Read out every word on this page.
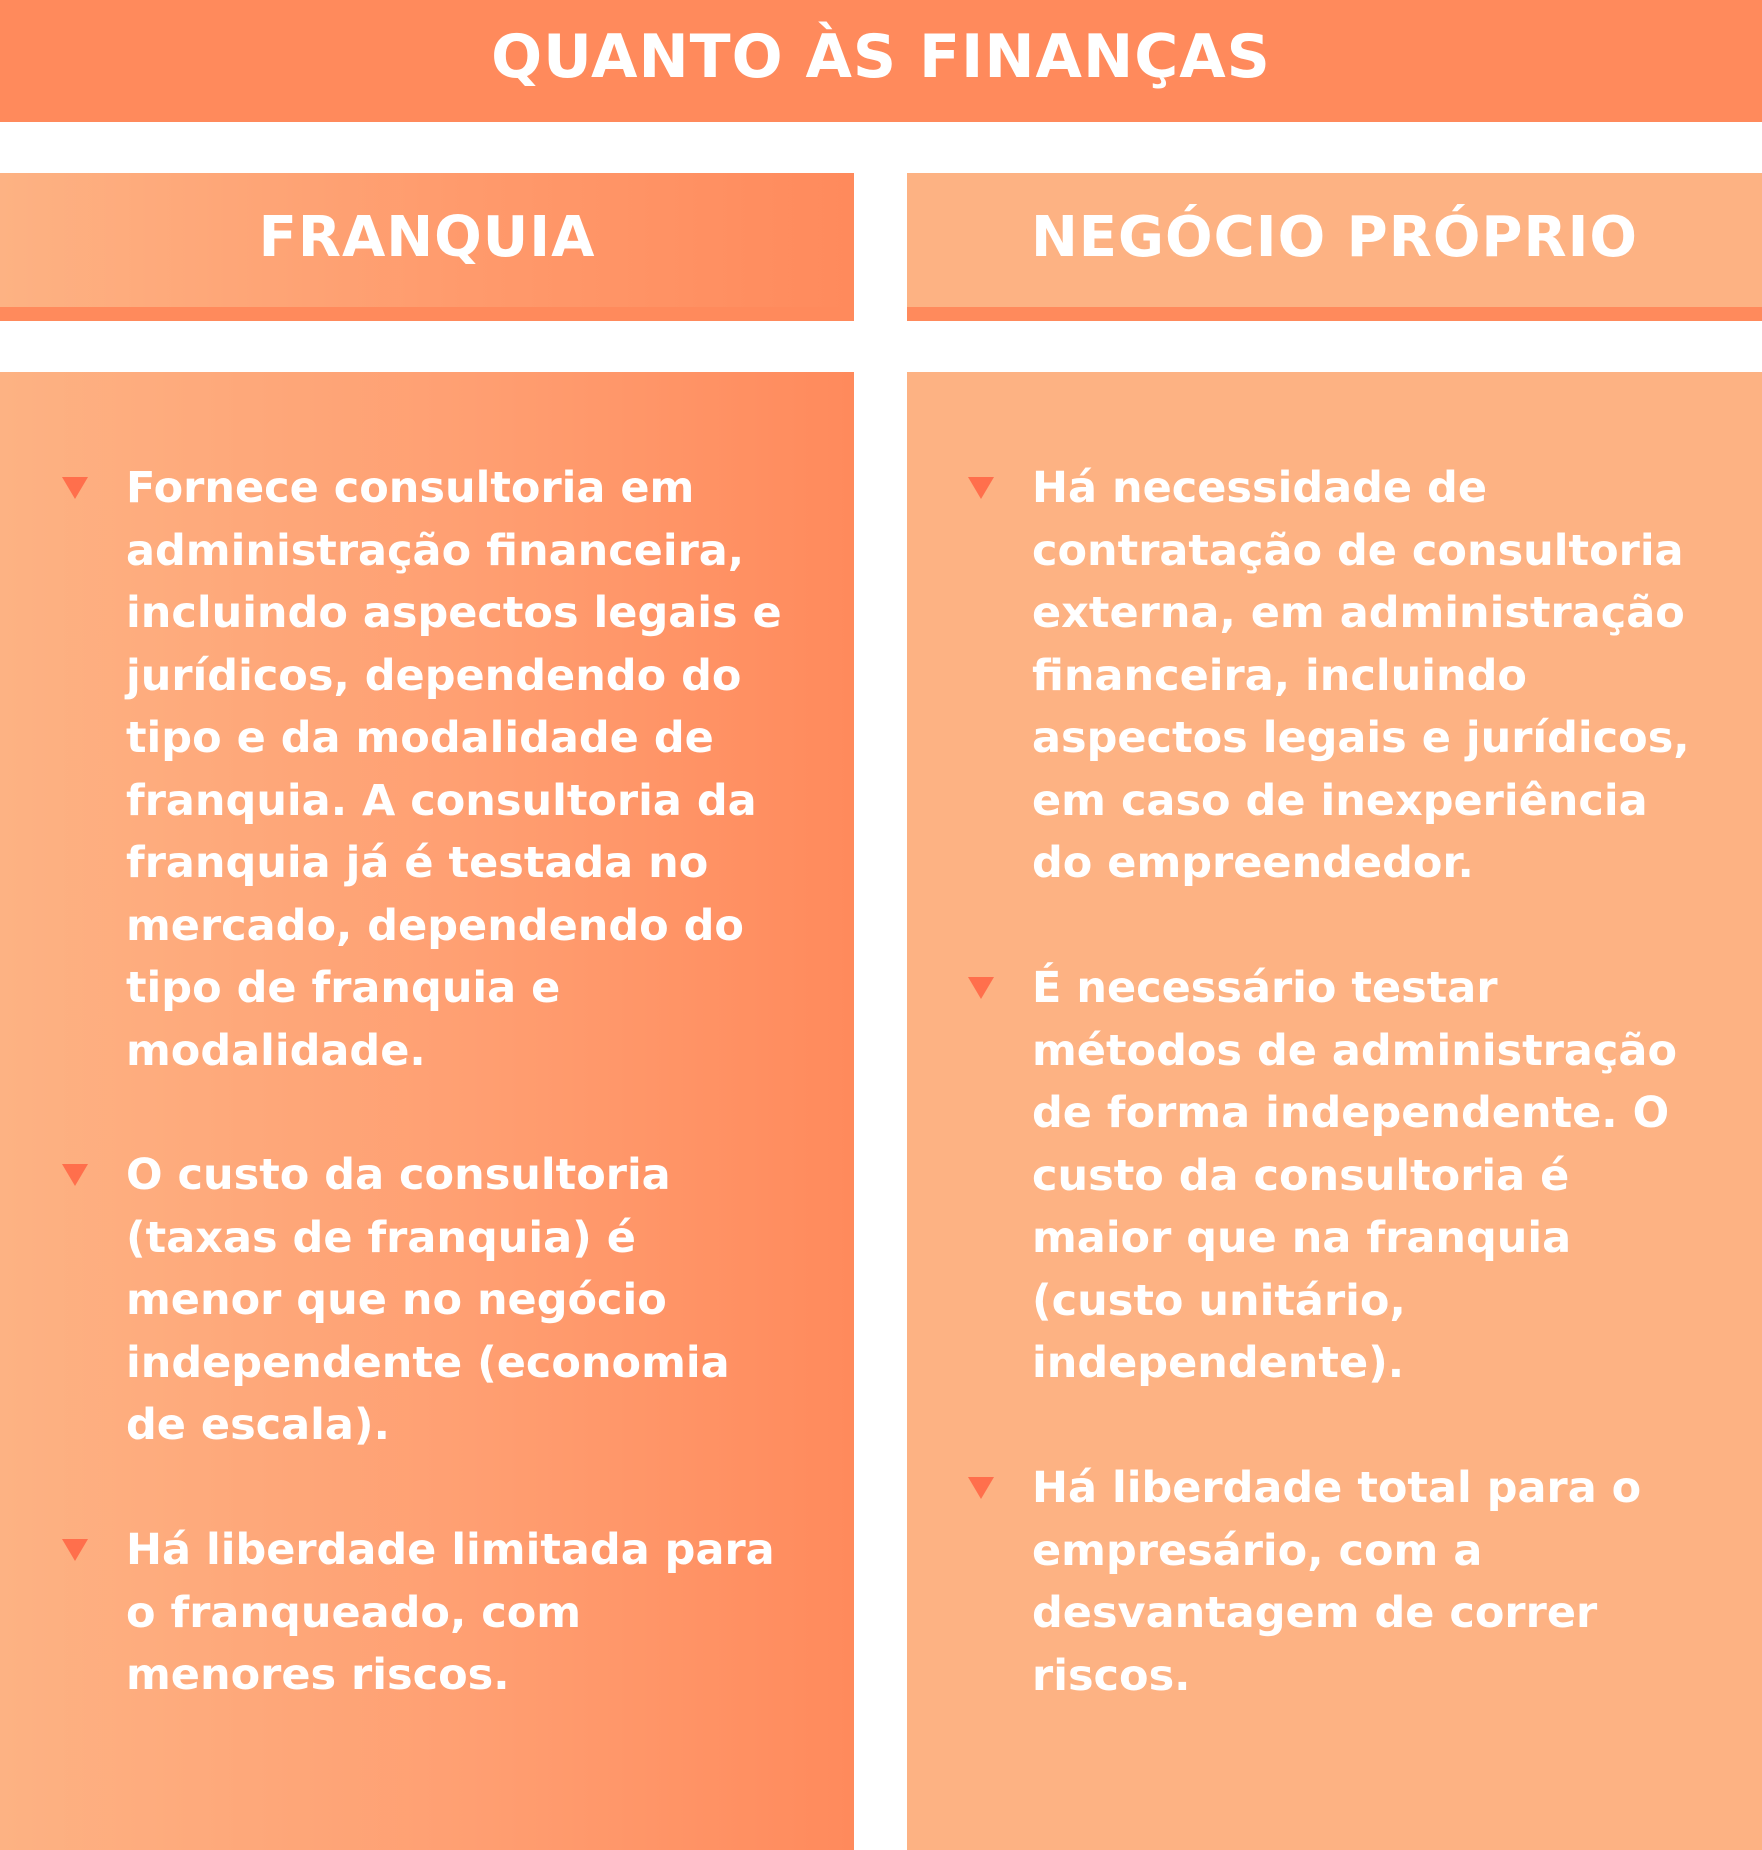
QUANTO ÀS FINANÇAS
FRANQUIA	NEGÓCIO PRÓPRIO
Fornece consultoria em administração financeira, incluindo aspectos legais e jurídicos, dependendo do tipo e da modalidade de franquia. A consultoria da franquia já é testada no mercado, dependendo do tipo de franquia e modalidade.
O custo da consultoria (taxas de franquia) é menor que no negócio independente (economia de escala).
Há liberdade limitada para o franqueado, com menores riscos.
Há necessidade de contratação de consultoria externa, em administração financeira, incluindo aspectos legais e jurídicos, em caso de inexperiência do empreendedor.
É necessário testar métodos de administração de forma independente. O custo da consultoria é maior que na franquia (custo unitário, independente).
Há liberdade total para o empresário, com a desvantagem de correr riscos.
